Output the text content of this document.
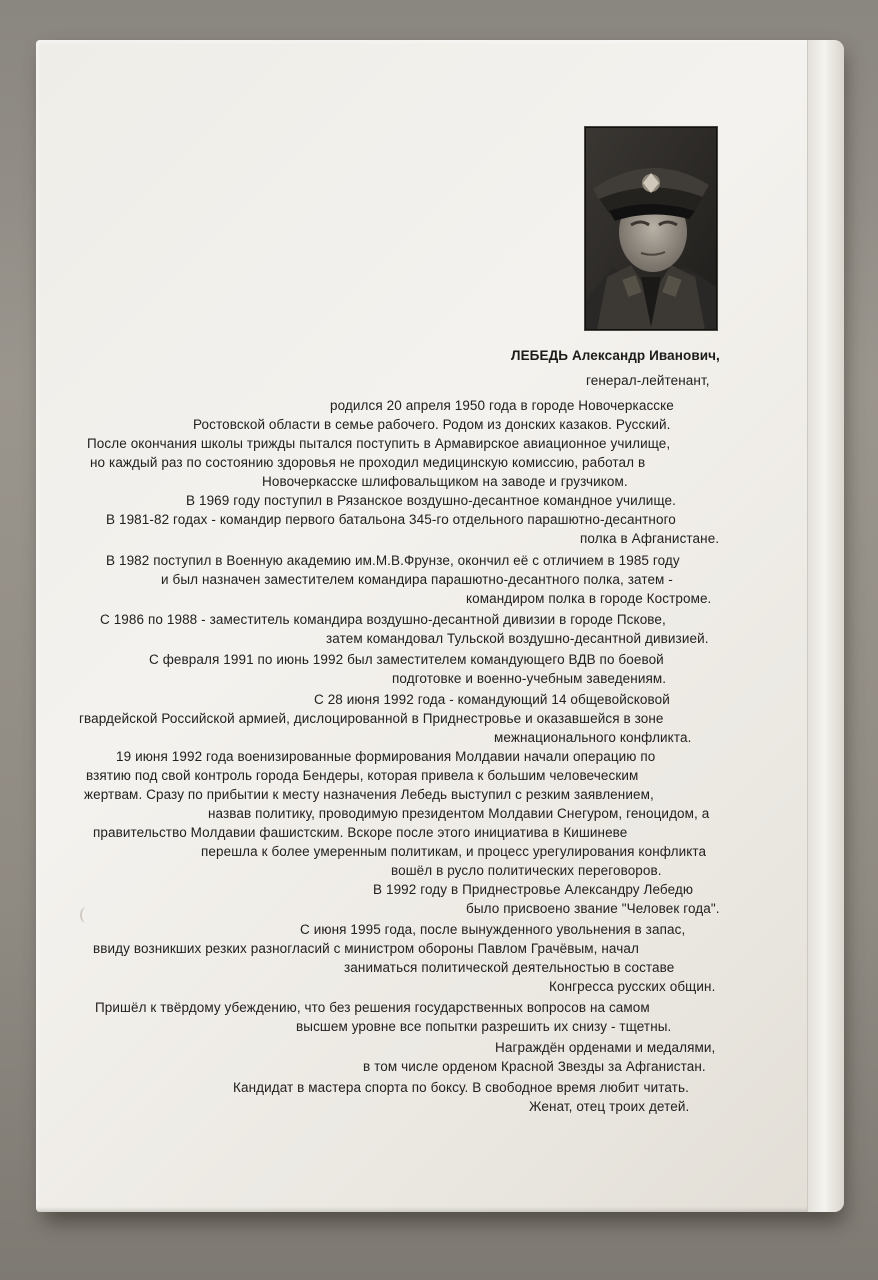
ЛЕБЕДЬ Александр Иванович,
генерал-лейтенант,
родился 20 апреля 1950 года в городе Новочеркасске
Ростовской области в семье рабочего. Родом из донских казаков. Русский.
После окончания школы трижды пытался поступить в Армавирское авиационное училище,
но каждый раз по состоянию здоровья не проходил медицинскую комиссию, работал в
Новочеркасске шлифовальщиком на заводе и грузчиком.
В 1969 году поступил в Рязанское воздушно-десантное командное училище.
В 1981-82 годах - командир первого батальона 345-го отдельного парашютно-десантного
полка в Афганистане.
В 1982 поступил в Военную академию им.М.В.Фрунзе, окончил её с отличием в 1985 году
и был назначен заместителем командира парашютно-десантного полка, затем -
командиром полка в городе Костроме.
С 1986 по 1988 - заместитель командира воздушно-десантной дивизии в городе Пскове,
затем командовал Тульской воздушно-десантной дивизией.
С февраля 1991 по июнь 1992 был заместителем командующего ВДВ по боевой
подготовке и военно-учебным заведениям.
С 28 июня 1992 года - командующий 14 общевойсковой
гвардейской Российской армией, дислоцированной в Приднестровье и оказавшейся в зоне
межнационального конфликта.
19 июня 1992 года военизированные формирования Молдавии начали операцию по
взятию под свой контроль города Бендеры, которая привела к большим человеческим
жертвам. Сразу по прибытии к месту назначения Лебедь выступил с резким заявлением,
назвав политику, проводимую президентом Молдавии Снегуром, геноцидом, а
правительство Молдавии фашистским. Вскоре после этого инициатива в Кишиневе
перешла к более умеренным политикам, и процесс урегулирования конфликта
вошёл в русло политических переговоров.
В 1992 году в Приднестровье Александру Лебедю
было присвоено звание "Человек года".
С июня 1995 года, после вынужденного увольнения в запас,
ввиду возникших резких разногласий с министром обороны Павлом Грачёвым, начал
заниматься политической деятельностью в составе
Конгресса русских общин.
Пришёл к твёрдому убеждению, что без решения государственных вопросов на самом
высшем уровне все попытки разрешить их снизу - тщетны.
Награждён орденами и медалями,
в том числе орденом Красной Звезды за Афганистан.
Кандидат в мастера спорта по боксу. В свободное время любит читать.
Женат, отец троих детей.
